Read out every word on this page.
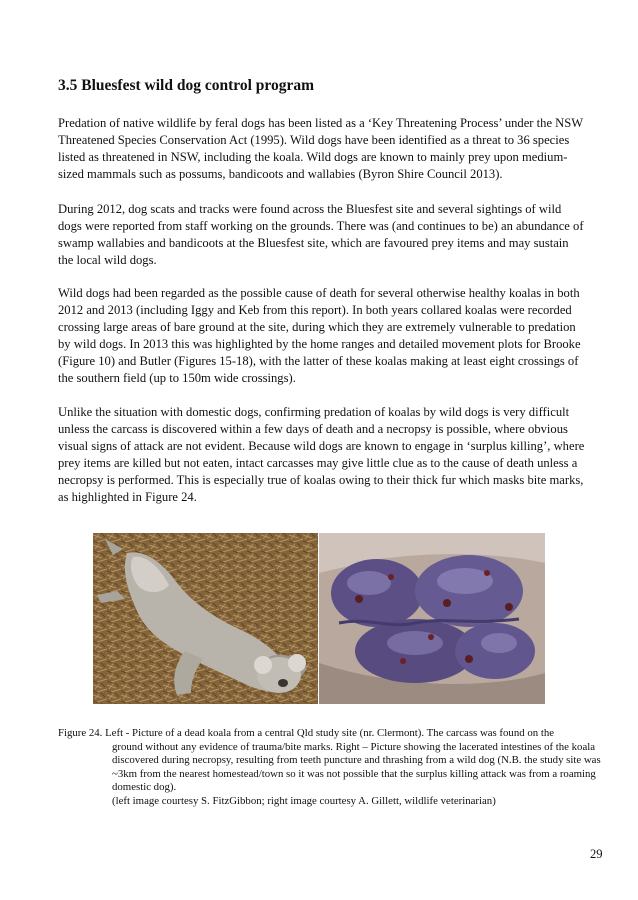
3.5 Bluesfest wild dog control program

Predation of native wildlife by feral dogs has been listed as a ‘Key Threatening Process’ under the NSW Threatened Species Conservation Act (1995). Wild dogs have been identified as a threat to 36 species listed as threatened in NSW, including the koala. Wild dogs are known to mainly prey upon medium-sized mammals such as possums, bandicoots and wallabies (Byron Shire Council 2013).

During 2012, dog scats and tracks were found across the Bluesfest site and several sightings of wild dogs were reported from staff working on the grounds. There was (and continues to be) an abundance of swamp wallabies and bandicoots at the Bluesfest site, which are favoured prey items and may sustain the local wild dogs.

Wild dogs had been regarded as the possible cause of death for several otherwise healthy koalas in both 2012 and 2013 (including Iggy and Keb from this report). In both years collared koalas were recorded crossing large areas of bare ground at the site, during which they are extremely vulnerable to predation by wild dogs. In 2013 this was highlighted by the home ranges and detailed movement plots for Brooke (Figure 10) and Butler (Figures 15-18), with the latter of these koalas making at least eight crossings of the southern field (up to 150m wide crossings).

Unlike the situation with domestic dogs, confirming predation of koalas by wild dogs is very difficult unless the carcass is discovered within a few days of death and a necropsy is possible, where obvious visual signs of attack are not evident. Because wild dogs are known to engage in ‘surplus killing’, where prey items are killed but not eaten, intact carcasses may give little clue as to the cause of death unless a necropsy is performed. This is especially true of koalas owing to their thick fur which masks bite marks, as highlighted in Figure 24.

Figure 24. Left - Picture of a dead koala from a central Qld study site (nr. Clermont). The carcass was found on the
ground without any evidence of trauma/bite marks. Right – Picture showing the lacerated intestines of the koala discovered during necropsy, resulting from teeth puncture and thrashing from a wild dog (N.B. the study site was ~3km from the nearest homestead/town so it was not possible that the surplus killing attack was from a roaming domestic dog).
(left image courtesy S. FitzGibbon; right image courtesy A. Gillett, wildlife veterinarian)
29
